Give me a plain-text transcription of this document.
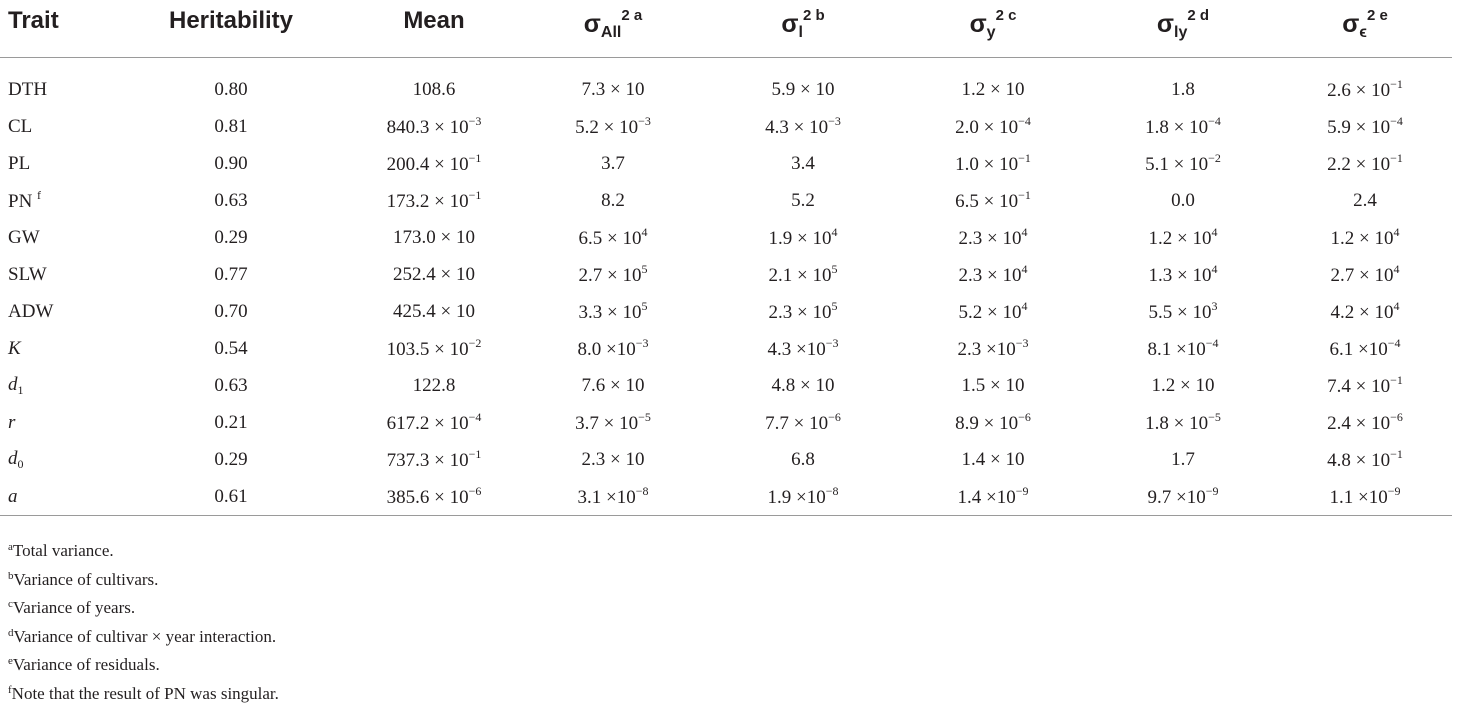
Trait	Heritability	Mean	$\sigma_{All}^{2 a}$	$\sigma_l^{2 b}$	$\sigma_y^{2 c}$	$\sigma_{ly}^{2 d}$	$\sigma_\epsilon^{2 e}$

DTH	0.80	108.6	7.3 × 10	5.9 × 10	1.2 × 10	1.8	$2.6 \times 10^{-1}$
CL	0.81	$840.3 \times 10^{-3}$	$5.2 \times 10^{-3}$	$4.3 \times 10^{-3}$	$2.0 \times 10^{-4}$	$1.8 \times 10^{-4}$	$5.9 \times 10^{-4}$
PL	0.90	$200.4 \times 10^{-1}$	3.7	3.4	$1.0 \times 10^{-1}$	$5.1 \times 10^{-2}$	$2.2 \times 10^{-1}$
PN $^f$	0.63	$173.2 \times 10^{-1}$	8.2	5.2	$6.5 \times 10^{-1}$	0.0	2.4
GW	0.29	173.0 × 10	$6.5 \times 10^4$	$1.9 \times 10^4$	$2.3 \times 10^4$	$1.2 \times 10^4$	$1.2 \times 10^4$
SLW	0.77	252.4 × 10	$2.7 \times 10^5$	$2.1 \times 10^5$	$2.3 \times 10^4$	$1.3 \times 10^4$	$2.7 \times 10^4$
ADW	0.70	425.4 × 10	$3.3 \times 10^5$	$2.3 \times 10^5$	$5.2 \times 10^4$	$5.5 \times 10^3$	$4.2 \times 10^4$
K	0.54	$103.5 \times 10^{-2}$	$8.0 \times 10^{-3}$	$4.3 \times 10^{-3}$	$2.3 \times 10^{-3}$	$8.1 \times 10^{-4}$	$6.1 \times 10^{-4}$
$d_1$	0.63	122.8	7.6 × 10	4.8 × 10	1.5 × 10	1.2 × 10	$7.4 \times 10^{-1}$
r	0.21	$617.2 \times 10^{-4}$	$3.7 \times 10^{-5}$	$7.7 \times 10^{-6}$	$8.9 \times 10^{-6}$	$1.8 \times 10^{-5}$	$2.4 \times 10^{-6}$
$d_0$	0.29	$737.3 \times 10^{-1}$	2.3 × 10	6.8	1.4 × 10	1.7	$4.8 \times 10^{-1}$
a	0.61	$385.6 \times 10^{-6}$	$3.1 \times 10^{-8}$	$1.9 \times 10^{-8}$	$1.4 \times 10^{-9}$	$9.7 \times 10^{-9}$	$1.1 \times 10^{-9}$
$^a$Total variance.
$^b$Variance of cultivars.
$^c$Variance of years.
$^d$Variance of cultivar × year interaction.
$^e$Variance of residuals.
$^f$Note that the result of PN was singular.
